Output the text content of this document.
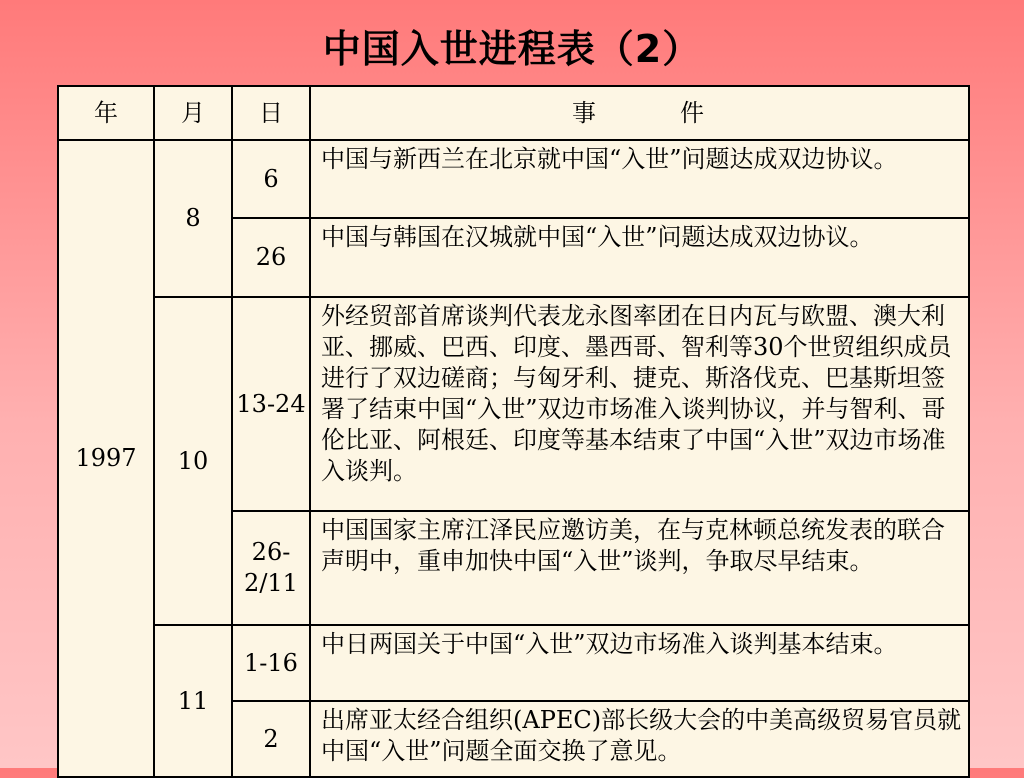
中国入世进程表（2）
年	月	日	事　　　件
1997	8	6	中国与新西兰在北京就中国“入世”问题达成双边协议。
		26	中国与韩国在汉城就中国“入世”问题达成双边协议。
	10	13-24	外经贸部首席谈判代表龙永图率团在日内瓦与欧盟、澳大利亚、挪威、巴西、印度、墨西哥、智利等30个世贸组织成员进行了双边磋商；与匈牙利、捷克、斯洛伐克、巴基斯坦签署了结束中国“入世”双边市场准入谈判协议，并与智利、哥伦比亚、阿根廷、印度等基本结束了中国“入世”双边市场准入谈判。
		26-2/11	中国国家主席江泽民应邀访美，在与克林顿总统发表的联合声明中，重申加快中国“入世”谈判，争取尽早结束。
	11	1-16	中日两国关于中国“入世”双边市场准入谈判基本结束。
		2	出席亚太经合组织(APEC)部长级大会的中美高级贸易官员就中国“入世”问题全面交换了意见。
